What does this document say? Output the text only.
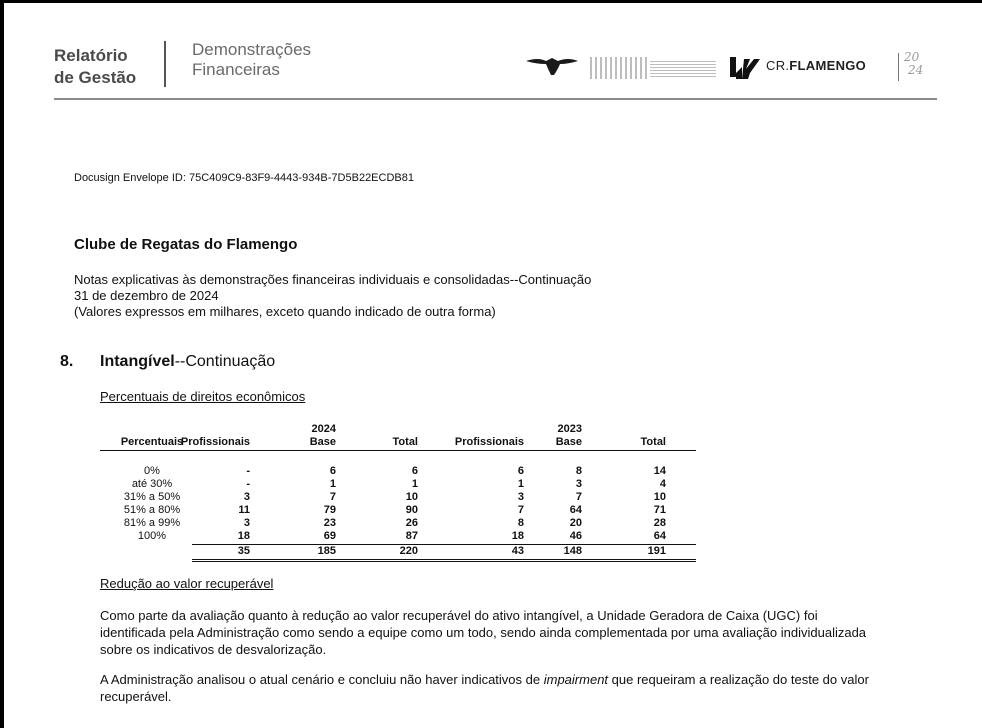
Relatório
de Gestão
Demonstrações
Financeiras	CR.FLAMENGO
20
24
Docusign Envelope ID: 75C409C9-83F9-4443-934B-7D5B22ECDB81
Clube de Regatas do Flamengo
Notas explicativas às demonstrações financeiras individuais e consolidadas--Continuação
31 de dezembro de 2024
(Valores expressos em milhares, exceto quando indicado de outra forma)
8. Intangível--Continuação
Percentuais de direitos econômicos
2024	2023
Percentuais
Profissionais	Base	Total	Profissionais	Base	Total
0%	-	6	6	6	8	14
até 30%	-	1	1	1	3	4
31% a 50%	3	7	10	3	7	10
51% a 80%	11	79	90	7	64	71
81% a 99%	3	23	26	8	20	28
100%	18	69	87	18	46	64
35	185	220	43	148	191
Redução ao valor recuperável
Como parte da avaliação quanto à redução ao valor recuperável do ativo intangível, a Unidade Geradora de Caixa (UGC) foi
identificada pela Administração como sendo a equipe como um todo, sendo ainda complementada por uma avaliação individualizada
sobre os indicativos de desvalorização.
A Administração analisou o atual cenário e concluiu não haver indicativos de impairment que requeiram a realização do teste do valor
recuperável.
